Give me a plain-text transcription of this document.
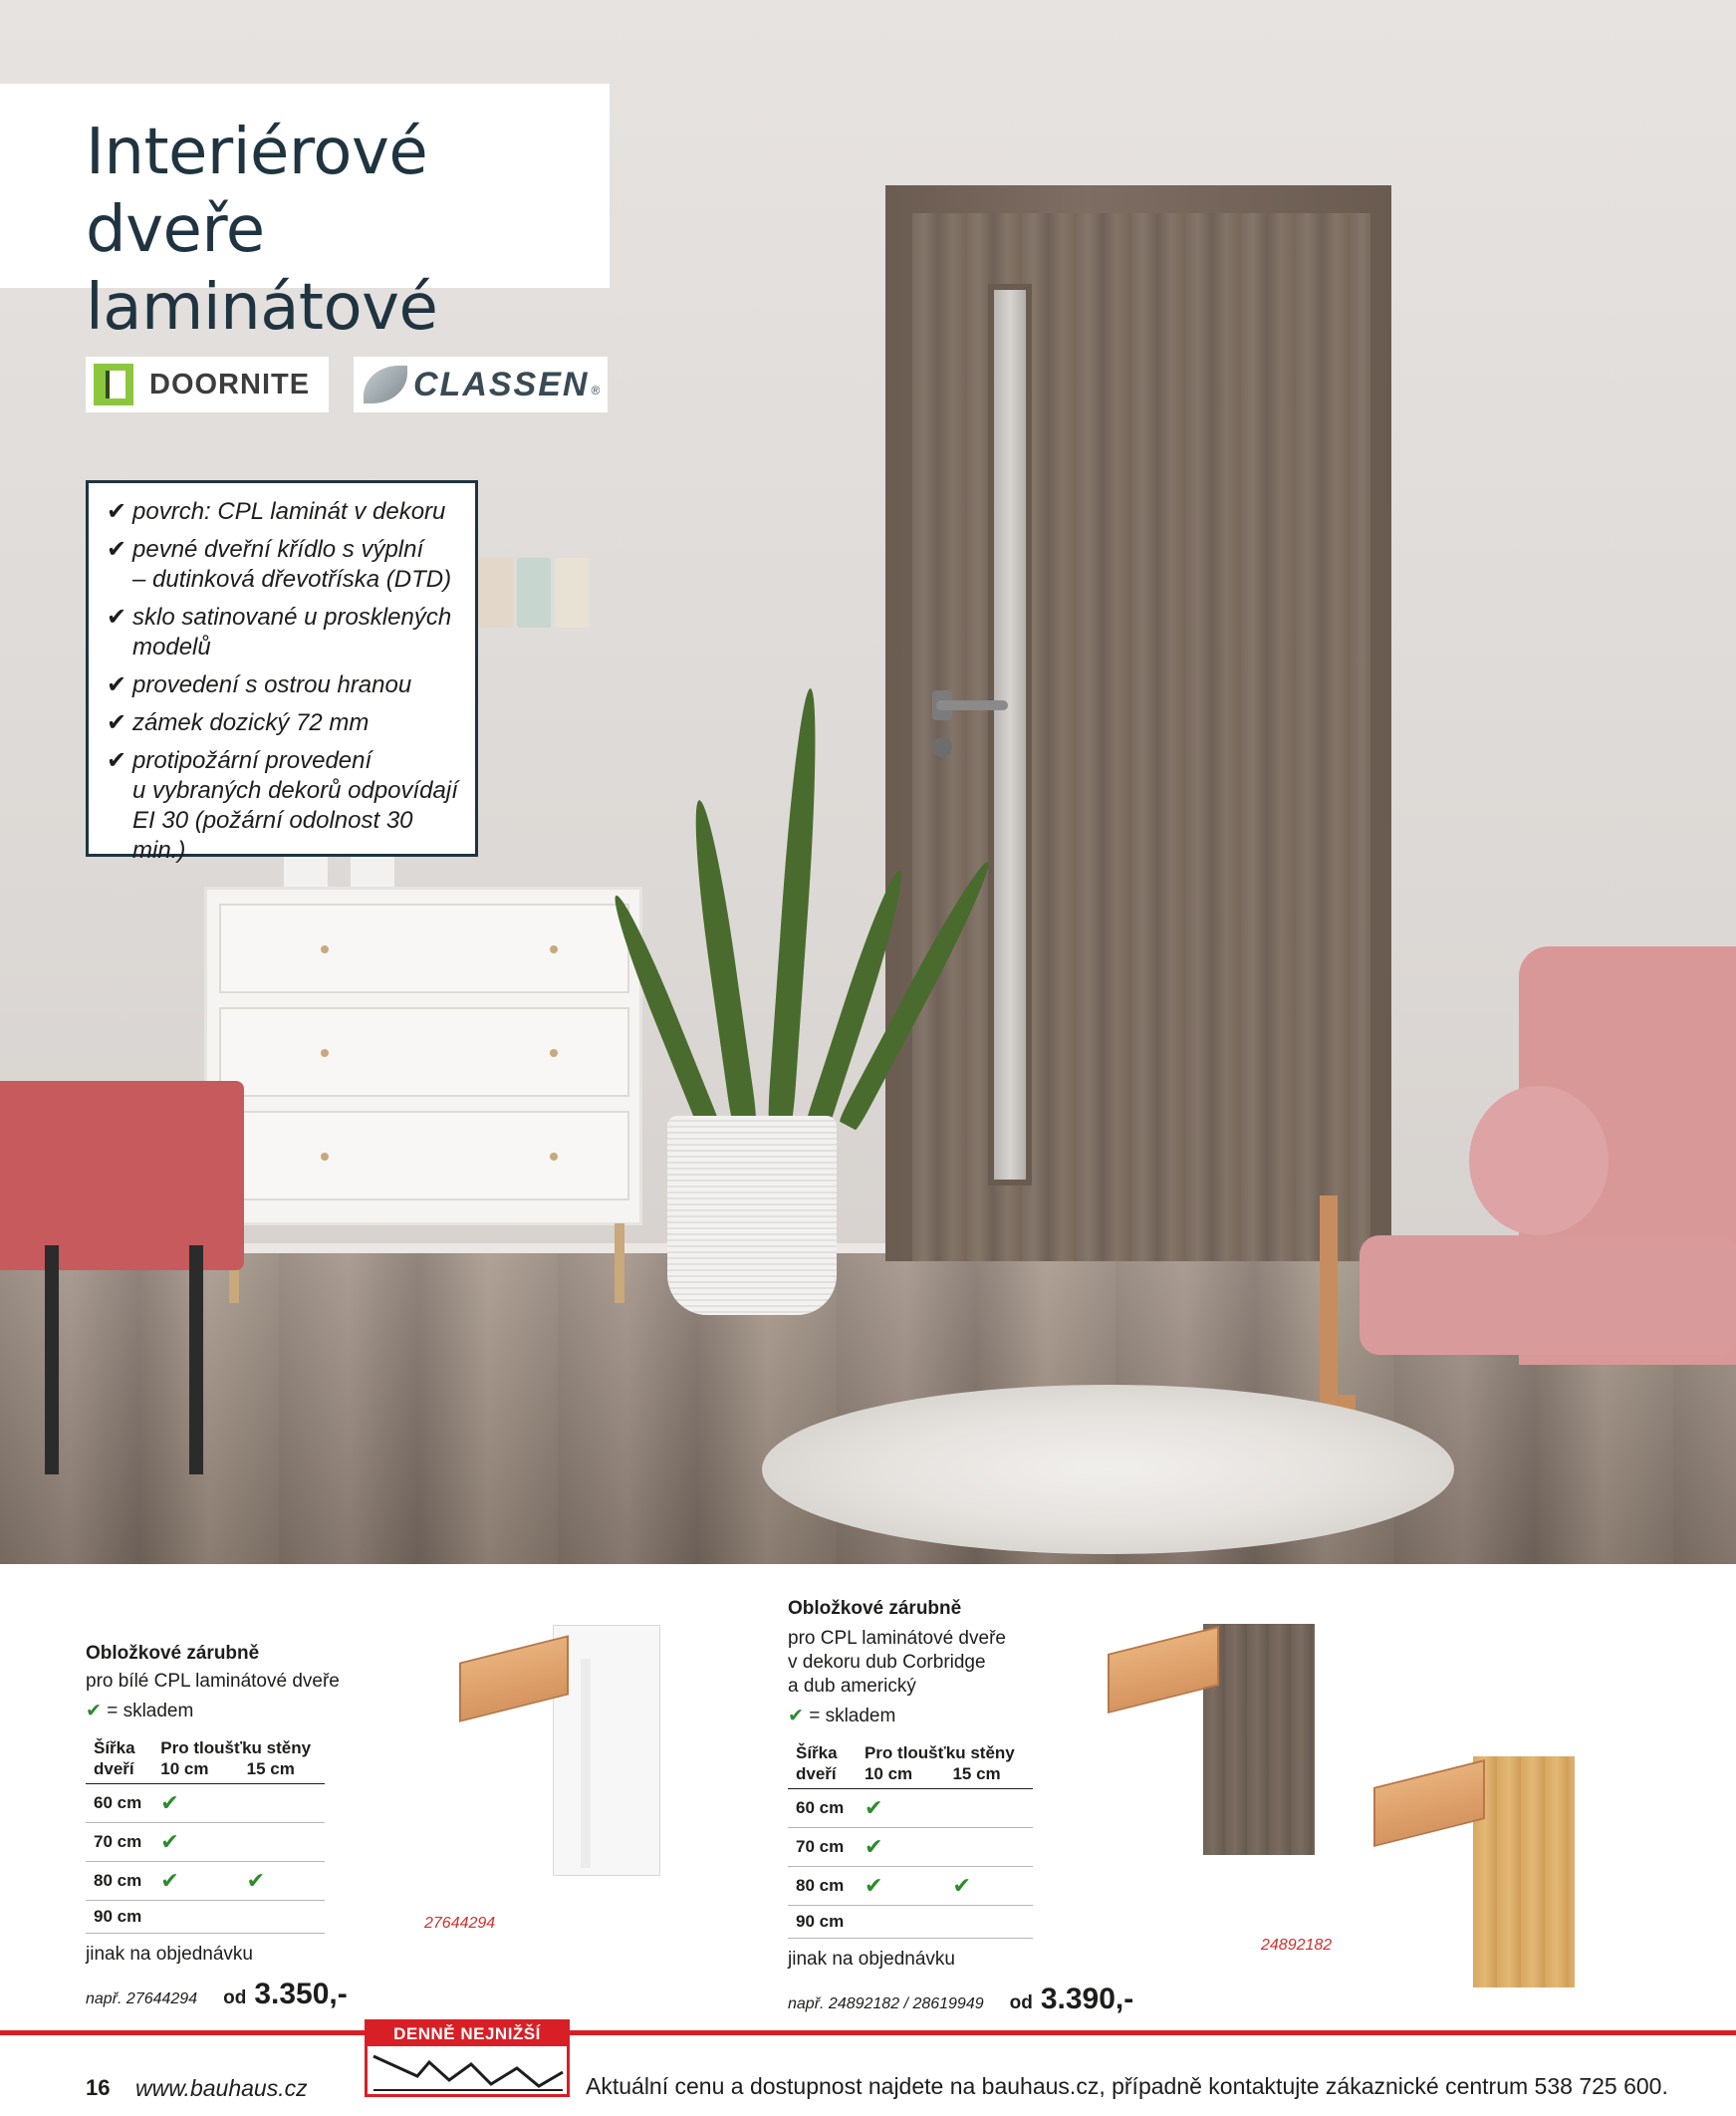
Interiérové dveře
laminátové
DOORNITE	CLASSEN ®
✔ povrch: CPL laminát v dekoru
✔ pevné dveřní křídlo s výplní
– dutinková dřevotříska (DTD)
✔ sklo satinované u prosklených
modelů
✔ provedení s ostrou hranou
✔ zámek dozický 72 mm
✔ protipožární provedení
u vybraných dekorů odpovídají
EI 30 (požární odolnost 30 min.)
Obložkové zárubně
pro bílé CPL laminátové dveře
✔ = skladem
Šířka
dveří	Pro tloušťku stěny	
	10 cm	15 cm
60 cm	✔	
70 cm	✔	
80 cm	✔	✔
90 cm		
jinak na objednávku
např. 27644294 od 3.350,-
27644294
Obložkové zárubně
pro CPL laminátové dveře
v dekoru dub Corbridge
a dub americký
✔ = skladem
Šířka
dveří	Pro tloušťku stěny	
	10 cm	15 cm
60 cm	✔	
70 cm	✔	
80 cm	✔	✔
90 cm		
jinak na objednávku
např. 24892182 / 28619949 od 3.390,-
24892182
16 www.bauhaus.cz
DENNĚ NEJNIŽŠÍ CENY
Aktuální cenu a dostupnost najdete na bauhaus.cz, případně kontaktujte zákaznické centrum 538 725 600.
